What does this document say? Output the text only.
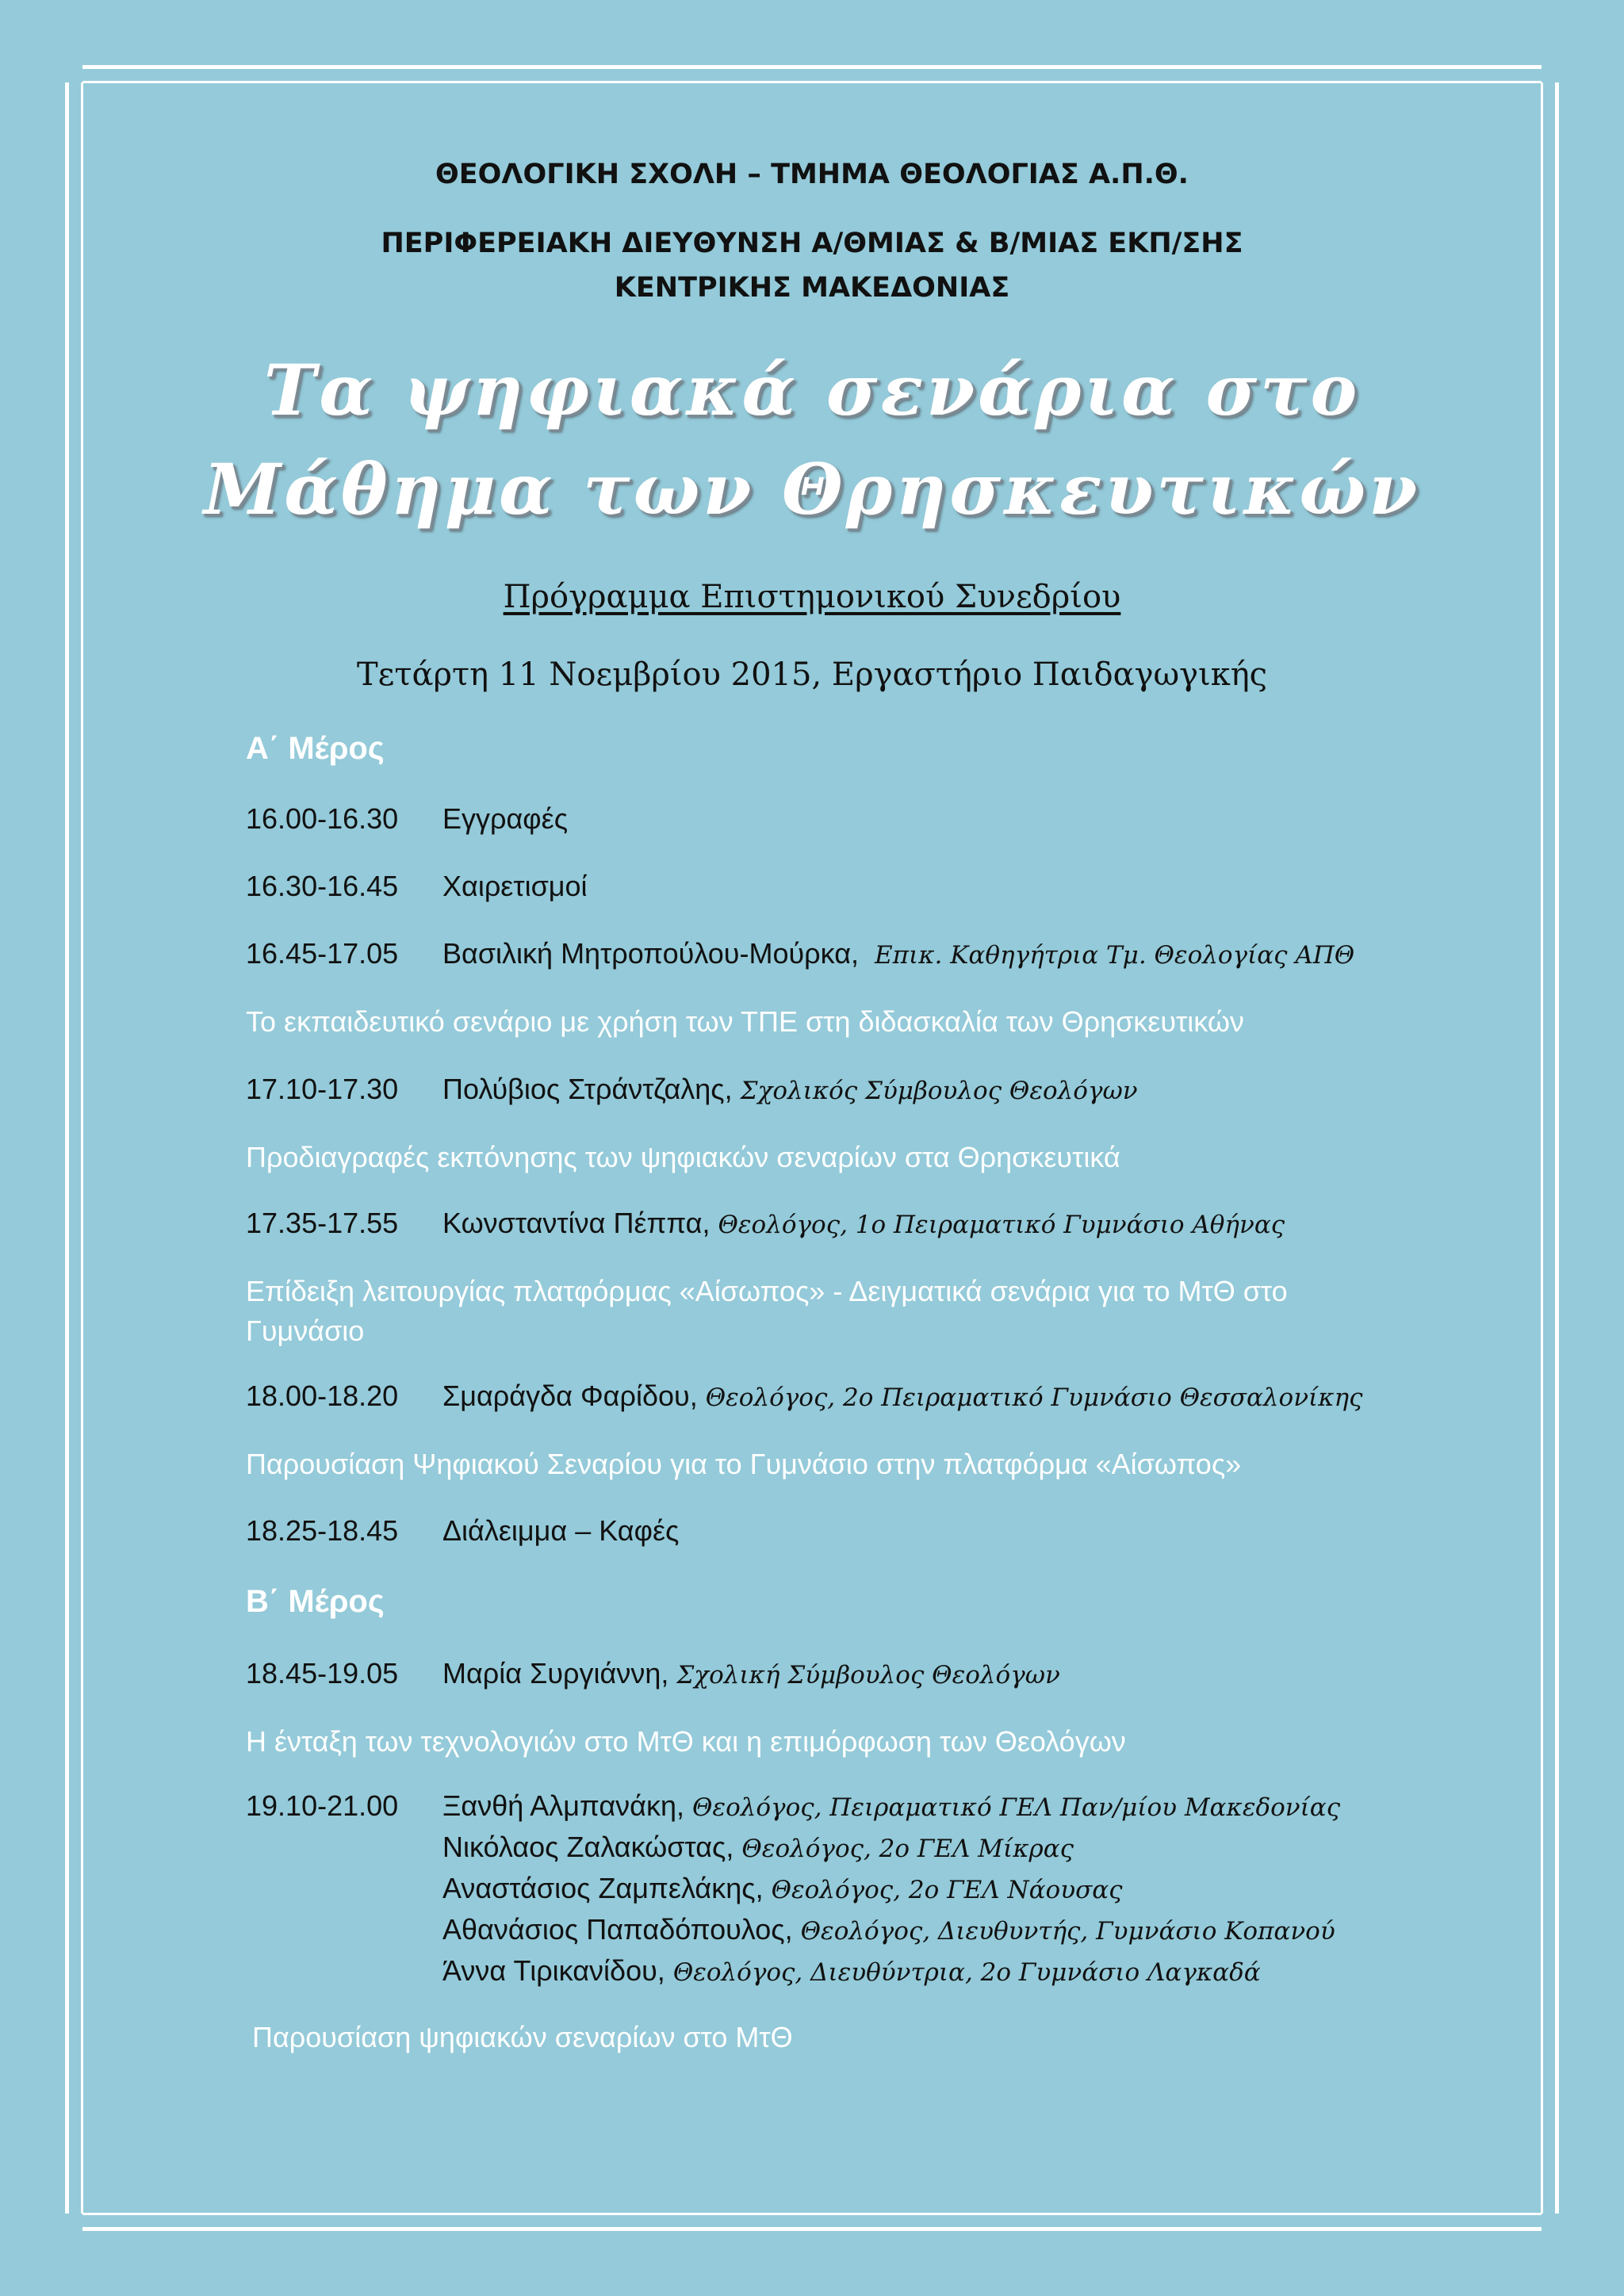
ΘΕΟΛΟΓΙΚΗ ΣΧΟΛΗ – ΤΜΗΜΑ ΘΕΟΛΟΓΙΑΣ Α.Π.Θ.
ΠΕΡΙΦΕΡΕΙΑΚΗ ΔΙΕΥΘΥΝΣΗ Α/ΘΜΙΑΣ & Β/ΜΙΑΣ ΕΚΠ/ΣΗΣ
ΚΕΝΤΡΙΚΗΣ ΜΑΚΕΔΟΝΙΑΣ
Τα ψηφιακά σενάρια στο
Μάθημα των Θρησκευτικών
Πρόγραμμα Επιστημονικού Συνεδρίου
Τετάρτη 11 Νοεμβρίου 2015, Εργαστήριο Παιδαγωγικής
Α΄ Μέρος
16.00-16.30 Εγγραφές
16.30-16.45 Χαιρετισμοί
16.45-17.05 Βασιλική Μητροπούλου-Μούρκα, Επικ. Καθηγήτρια Τμ. Θεολογίας ΑΠΘ
Το εκπαιδευτικό σενάριο με χρήση των ΤΠΕ στη διδασκαλία των Θρησκευτικών
17.10-17.30 Πολύβιος Στράντζαλης, Σχολικός Σύμβουλος Θεολόγων
Προδιαγραφές εκπόνησης των ψηφιακών σεναρίων στα Θρησκευτικά
17.35-17.55 Κωνσταντίνα Πέππα, Θεολόγος, 1ο Πειραματικό Γυμνάσιο Αθήνας
Επίδειξη λειτουργίας πλατφόρμας «Αίσωπος» - Δειγματικά σενάρια για το ΜτΘ στο Γυμνάσιο
18.00-18.20 Σμαράγδα Φαρίδου, Θεολόγος, 2ο Πειραματικό Γυμνάσιο Θεσσαλονίκης
Παρουσίαση Ψηφιακού Σεναρίου για το Γυμνάσιο στην πλατφόρμα «Αίσωπος»
18.25-18.45 Διάλειμμα – Καφές
Β΄ Μέρος
18.45-19.05 Μαρία Συργιάννη, Σχολική Σύμβουλος Θεολόγων
Η ένταξη των τεχνολογιών στο ΜτΘ και η επιμόρφωση των Θεολόγων
19.10-21.00 Ξανθή Αλμπανάκη, Θεολόγος, Πειραματικό ΓΕΛ Παν/μίου Μακεδονίας
Νικόλαος Ζαλακώστας, Θεολόγος, 2ο ΓΕΛ Μίκρας
Αναστάσιος Ζαμπελάκης, Θεολόγος, 2ο ΓΕΛ Νάουσας
Αθανάσιος Παπαδόπουλος, Θεολόγος, Διευθυντής, Γυμνάσιο Κοπανού
Άννα Τιρικανίδου, Θεολόγος, Διευθύντρια, 2ο Γυμνάσιο Λαγκαδά
Παρουσίαση ψηφιακών σεναρίων στο ΜτΘ
